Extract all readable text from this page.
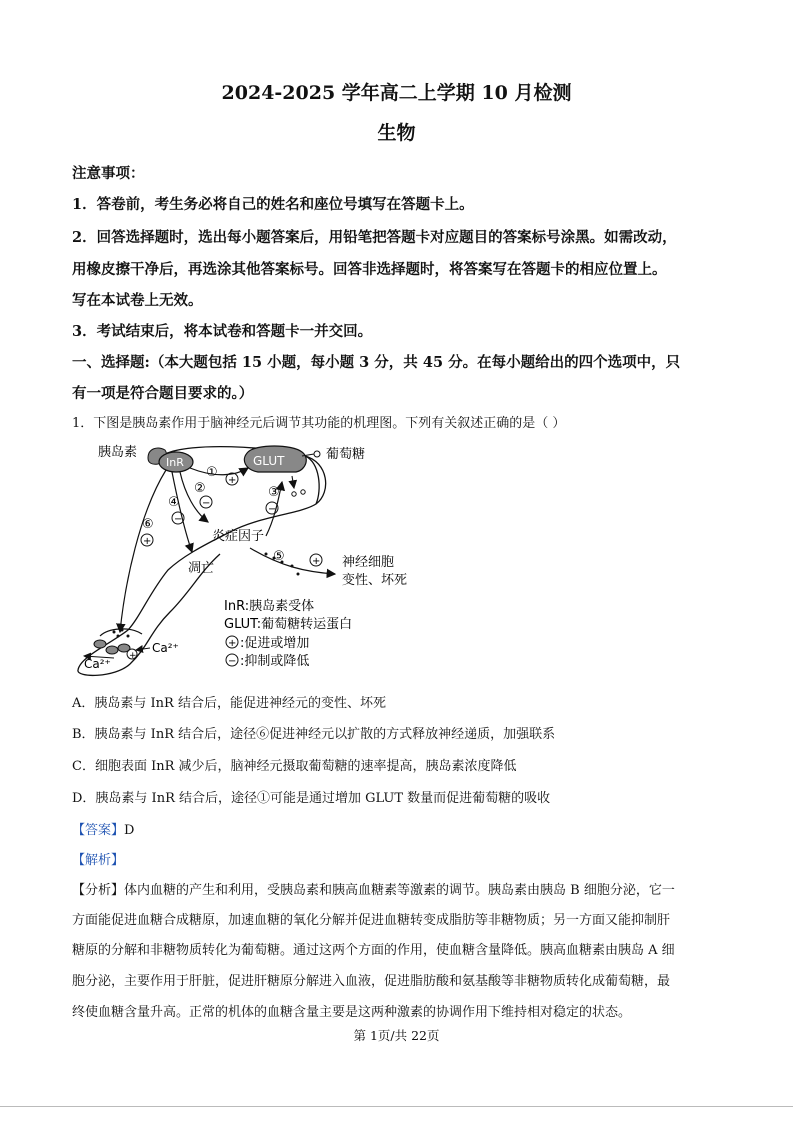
2024-2025 学年高二上学期 10 月检测
生物
注意事项：
1．答卷前，考生务必将自己的姓名和座位号填写在答题卡上。
2．回答选择题时，选出每小题答案后，用铅笔把答题卡对应题目的答案标号涂黑。如需改动，
用橡皮擦干净后，再选涂其他答案标号。回答非选择题时，将答案写在答题卡的相应位置上。
写在本试卷上无效。
3．考试结束后，将本试卷和答题卡一并交回。
一、选择题:（本大题包括 15 小题，每小题 3 分，共 45 分。在每小题给出的四个选项中，只
有一项是符合题目要求的。）
1．下图是胰岛素作用于脑神经元后调节其功能的机理图。下列有关叙述正确的是（ ）
胰岛素
InR	GLUT	葡萄糖
①
+
②
−
③
−
④
−
⑥
+	炎症因子
凋亡
⑤	+ 神经细胞
变性、坏死
+
Ca²⁺
Ca²⁺
InR:胰岛素受体
GLUT:葡萄糖转运蛋白
+ :促进或增加
− :抑制或降低
A．胰岛素与 InR 结合后，能促进神经元的变性、坏死
B．胰岛素与 InR 结合后，途径⑥促进神经元以扩散的方式释放神经递质，加强联系
C．细胞表面 InR 减少后，脑神经元摄取葡萄糖的速率提高，胰岛素浓度降低
D．胰岛素与 InR 结合后，途径①可能是通过增加 GLUT 数量而促进葡萄糖的吸收
【答案】D
【解析】
【分析】体内血糖的产生和利用，受胰岛素和胰高血糖素等激素的调节。胰岛素由胰岛 B 细胞分泌，它一
方面能促进血糖合成糖原，加速血糖的氧化分解并促进血糖转变成脂肪等非糖物质；另一方面又能抑制肝
糖原的分解和非糖物质转化为葡萄糖。通过这两个方面的作用，使血糖含量降低。胰高血糖素由胰岛 A 细
胞分泌，主要作用于肝脏，促进肝糖原分解进入血液，促进脂肪酸和氨基酸等非糖物质转化成葡萄糖，最
终使血糖含量升高。正常的机体的血糖含量主要是这两种激素的协调作用下维持相对稳定的状态。
第 1页/共 22页
